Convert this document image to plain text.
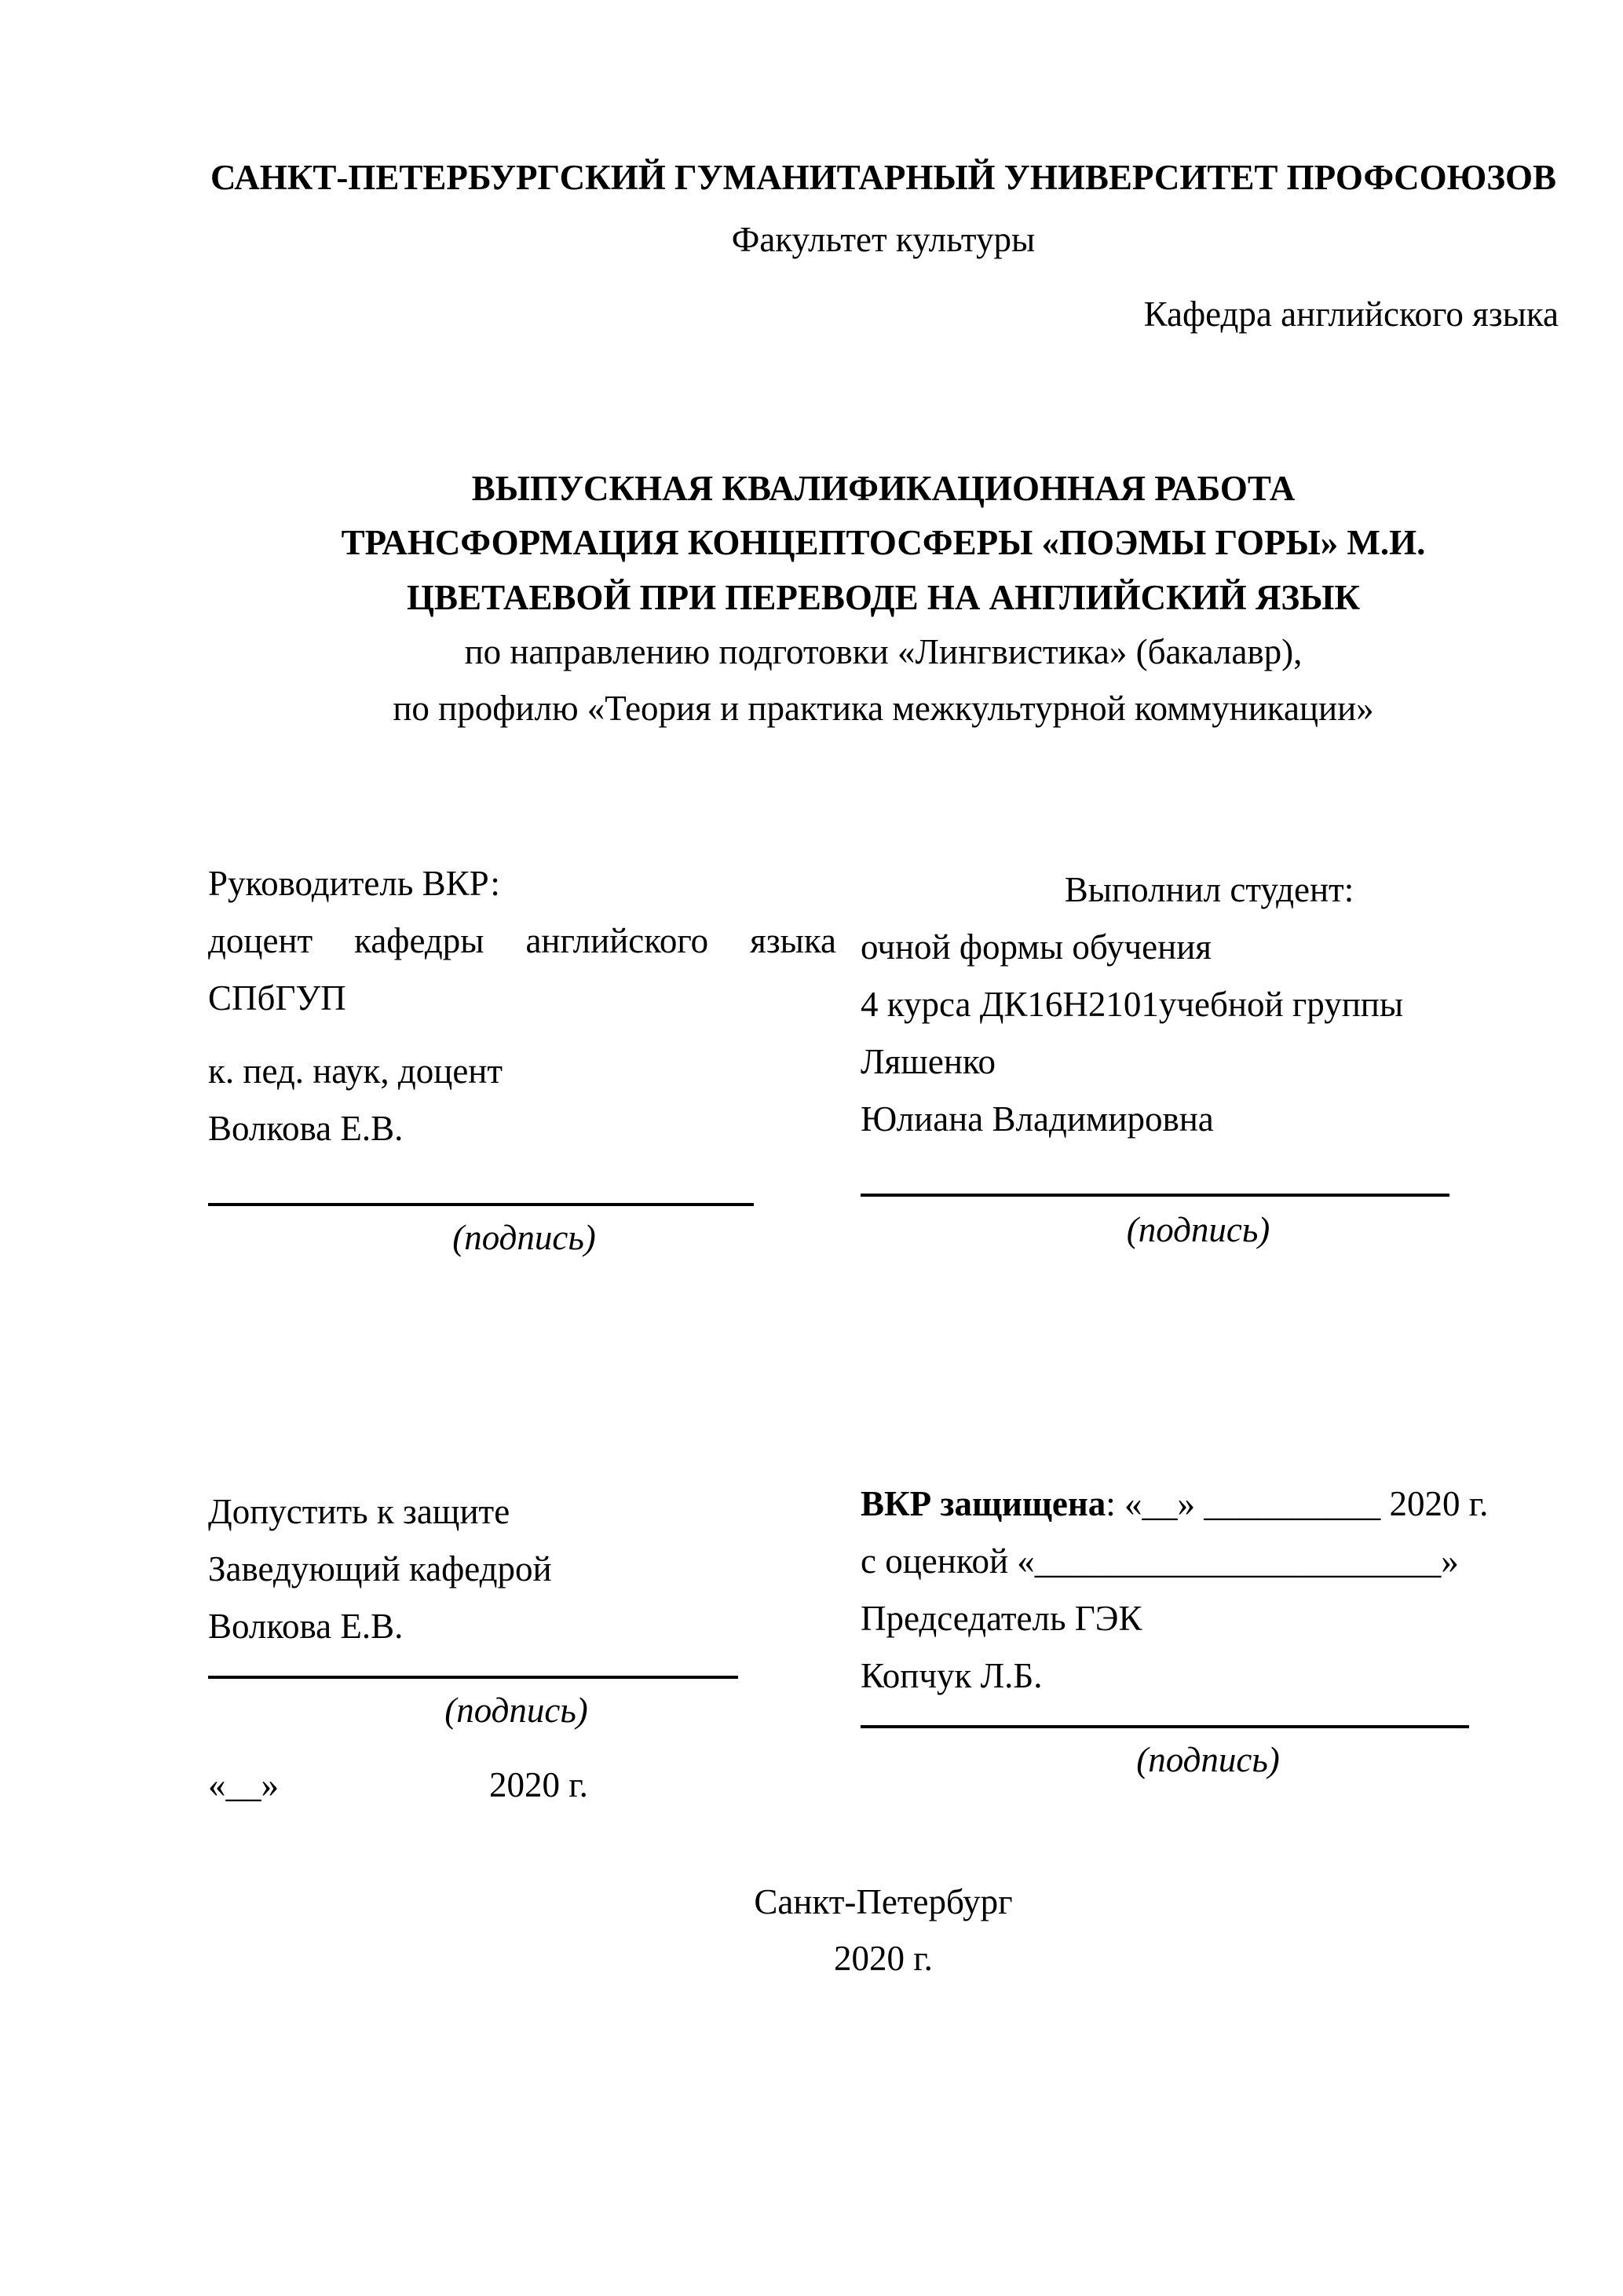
САНКТ-ПЕТЕРБУРГСКИЙ ГУМАНИТАРНЫЙ УНИВЕРСИТЕТ ПРОФСОЮЗОВ
Факультет культуры
Кафедра английского языка
ВЫПУСКНАЯ КВАЛИФИКАЦИОННАЯ РАБОТА
ТРАНСФОРМАЦИЯ КОНЦЕПТОСФЕРЫ «ПОЭМЫ ГОРЫ» М.И. ЦВЕТАЕВОЙ ПРИ ПЕРЕВОДЕ НА АНГЛИЙСКИЙ ЯЗЫК
по направлению подготовки «Лингвистика» (бакалавр),
по профилю «Теория и практика межкультурной коммуникации»
Руководитель ВКР:
доцент кафедры английского языка
СПбГУП
к. пед. наук, доцент
Волкова Е.В.
(подпись)
Выполнил студент:
очной формы обучения
4 курса ДК16Н2101учебной группы
Ляшенко
Юлиана Владимировна
(подпись)
Допустить к защите
Заведующий кафедрой
Волкова Е.В.
(подпись)
«__»	2020 г.
ВКР защищена: «__» __________ 2020 г.
с оценкой «_______________________»
Председатель ГЭК
Копчук Л.Б.
(подпись)
Санкт-Петербург
2020 г.
